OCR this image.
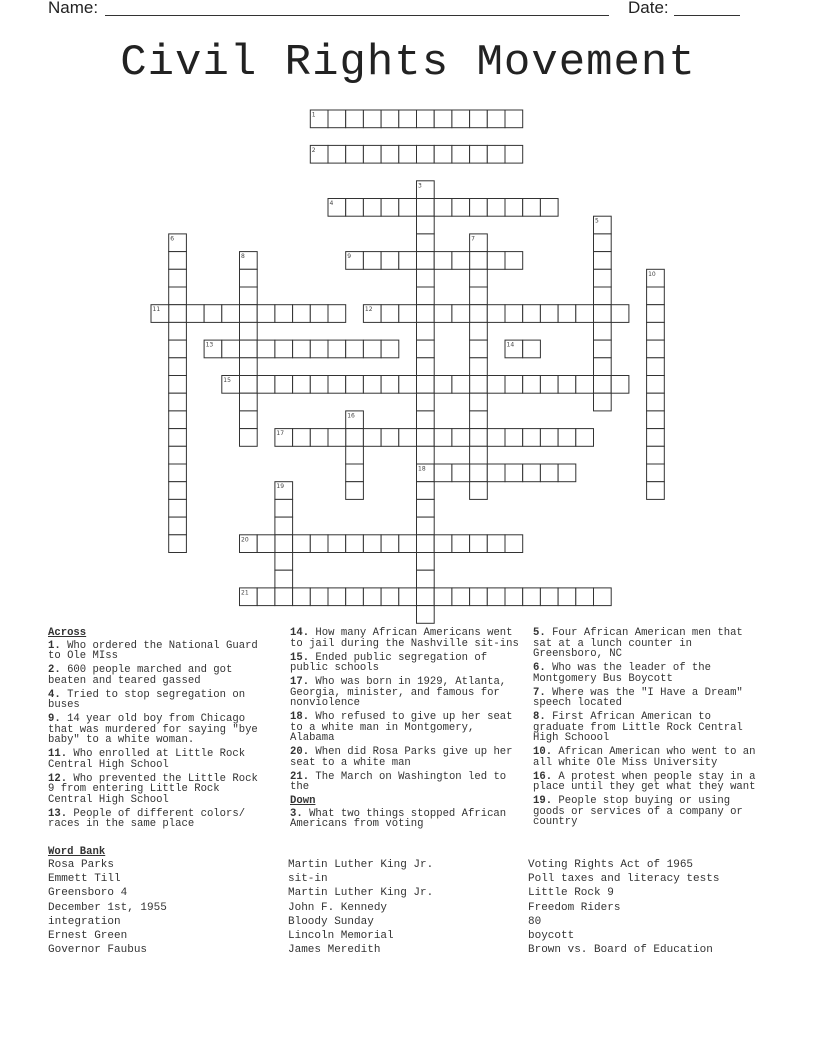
Name:	Date:
Civil Rights Movement
1
2
3
4
5
6	7
8	9
10
11	12
13	14
15
16
17
18
19
20
21
Across
1. Who ordered the National Guard to Ole MIss
2. 600 people marched and got beaten and teared gassed
4. Tried to stop segregation on buses
9. 14 year old boy from Chicago that was murdered for saying "bye baby" to a white woman.
11. Who enrolled at Little Rock Central High School
12. Who prevented the Little Rock 9 from entering Little Rock Central High School
13. People of different colors/ races in the same place
14. How many African Americans went to jail during the Nashville sit-ins
15. Ended public segregation of public schools
17. Who was born in 1929, Atlanta, Georgia, minister, and famous for nonviolence
18. Who refused to give up her seat to a white man in Montgomery, Alabama
20. When did Rosa Parks give up her seat to a white man
21. The March on Washington led to the
Down
3. What two things stopped African Americans from voting
5. Four African American men that sat at a lunch counter in Greensboro, NC
6. Who was the leader of the Montgomery Bus Boycott
7. Where was the "I Have a Dream" speech located
8. First African American to graduate from Little Rock Central High Schoool
10. African American who went to an all white Ole Miss University
16. A protest when people stay in a place until they get what they want
19. People stop buying or using goods or services of a company or country
Word Bank
Rosa Parks
Emmett Till
Greensboro 4
December 1st, 1955
integration
Ernest Green
Governor Faubus
Martin Luther King Jr.
sit-in
Martin Luther King Jr.
John F. Kennedy
Bloody Sunday
Lincoln Memorial
James Meredith
Voting Rights Act of 1965
Poll taxes and literacy tests
Little Rock 9
Freedom Riders
80
boycott
Brown vs. Board of Education
